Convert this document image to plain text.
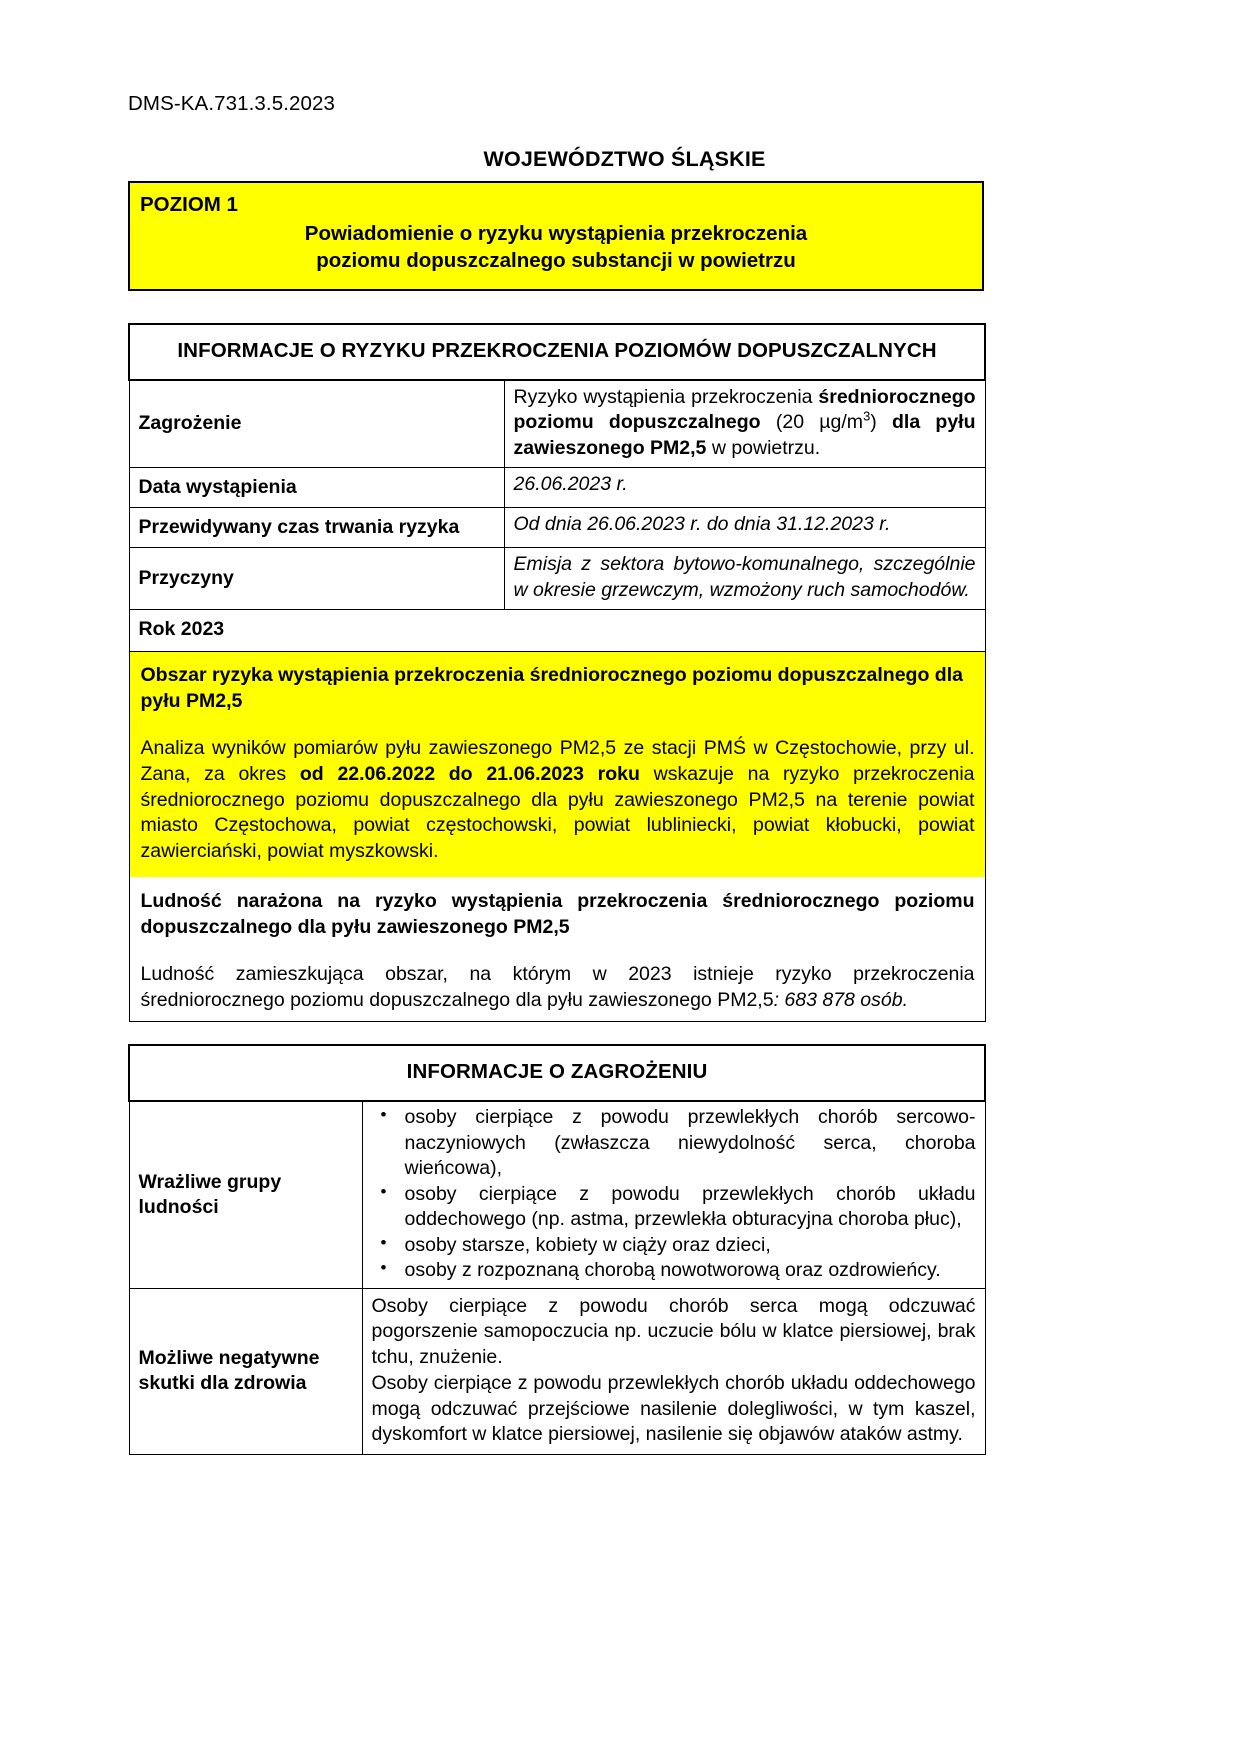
DMS-KA.731.3.5.2023
WOJEWÓDZTWO ŚLĄSKIE
POZIOM 1
Powiadomienie o ryzyku wystąpienia przekroczenia
poziomu dopuszczalnego substancji w powietrzu
INFORMACJE O RYZYKU PRZEKROCZENIA POZIOMÓW DOPUSZCZALNYCH	
Zagrożenie	Ryzyko wystąpienia przekroczenia średniorocznego poziomu dopuszczalnego (20 $\mu g/m^3$) dla pyłu zawieszonego PM2,5 w powietrzu.
Data wystąpienia	26.06.2023 r.
Przewidywany czas trwania ryzyka	Od dnia 26.06.2023 r. do dnia 31.12.2023 r.
Przyczyny	Emisja z sektora bytowo-komunalnego, szczególnie w okresie grzewczym, wzmożony ruch samochodów.
Rok 2023	

Obszar ryzyka wystąpienia przekroczenia średniorocznego poziomu dopuszczalnego dla pyłu PM2,5
Analiza wyników pomiarów pyłu zawieszonego PM2,5 ze stacji PMŚ w Częstochowie, przy ul. Zana, za okres od 22.06.2022 do 21.06.2023 roku wskazuje na ryzyko przekroczenia średniorocznego poziomu dopuszczalnego dla pyłu zawieszonego PM2,5 na terenie powiat miasto Częstochowa, powiat częstochowski, powiat lubliniecki, powiat kłobucki, powiat zawierciański, powiat myszkowski.
Ludność narażona na ryzyko wystąpienia przekroczenia średniorocznego poziomu dopuszczalnego dla pyłu zawieszonego PM2,5
Ludność zamieszkująca obszar, na którym w 2023 istnieje ryzyko przekroczenia średniorocznego poziomu dopuszczalnego dla pyłu zawieszonego PM2,5: 683 878 osób.	
INFORMACJE O ZAGROŻENIU	
Wrażliwe grupy ludności	
• osoby cierpiące z powodu przewlekłych chorób sercowo-naczyniowych (zwłaszcza niewydolność serca, choroba wieńcowa),
• osoby cierpiące z powodu przewlekłych chorób układu oddechowego (np. astma, przewlekła obturacyjna choroba płuc),
• osoby starsze, kobiety w ciąży oraz dzieci,
• osoby z rozpoznaną chorobą nowotworową oraz ozdrowieńcy.

Możliwe negatywne skutki dla zdrowia	Osoby cierpiące z powodu chorób serca mogą odczuwać pogorszenie samopoczucia np. uczucie bólu w klatce piersiowej, brak tchu, znużenie.

Osoby cierpiące z powodu przewlekłych chorób układu oddechowego mogą odczuwać przejściowe nasilenie dolegliwości, w tym kaszel, dyskomfort w klatce piersiowej, nasilenie się objawów ataków astmy.
